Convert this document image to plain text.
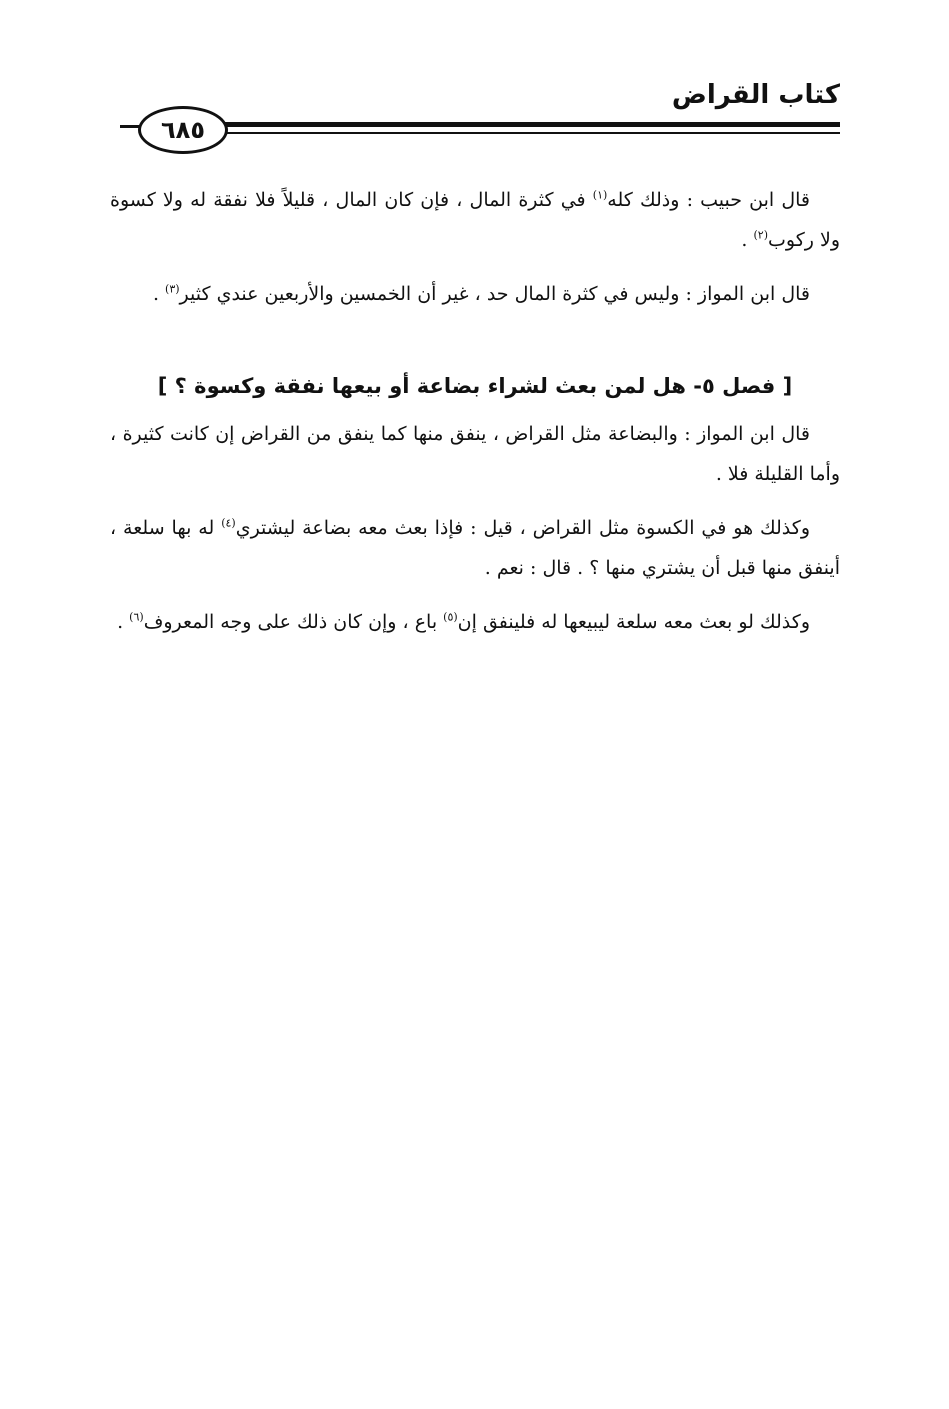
كتاب القراض
٦٨٥

قال ابن حبيب : وذلك كله$^{(١)}$ في كثرة المال ، فإن كان المال ، قليلاً فلا نفقة له ولا كسوة ولا ركوب$^{(٢)}$ .

قال ابن المواز : وليس في كثرة المال حد ، غير أن الخمسين والأربعين عندي كثير$^{(٣)}$ .

[ فصل ٥- هل لمن بعث لشراء بضاعة أو بيعها نفقة وكسوة ؟ ]

قال ابن المواز : والبضاعة مثل القراض ، ينفق منها كما ينفق من القراض إن كانت كثيرة ، وأما القليلة فلا .

وكذلك هو في الكسوة مثل القراض ، قيل : فإذا بعث معه بضاعة ليشتري$^{(٤)}$ له بها سلعة ، أينفق منها قبل أن يشتري منها ؟ . قال : نعم .

وكذلك لو بعث معه سلعة ليبيعها له فلينفق إن$^{(٥)}$ باع ، وإن كان ذلك على وجه المعروف$^{(٦)}$ .
